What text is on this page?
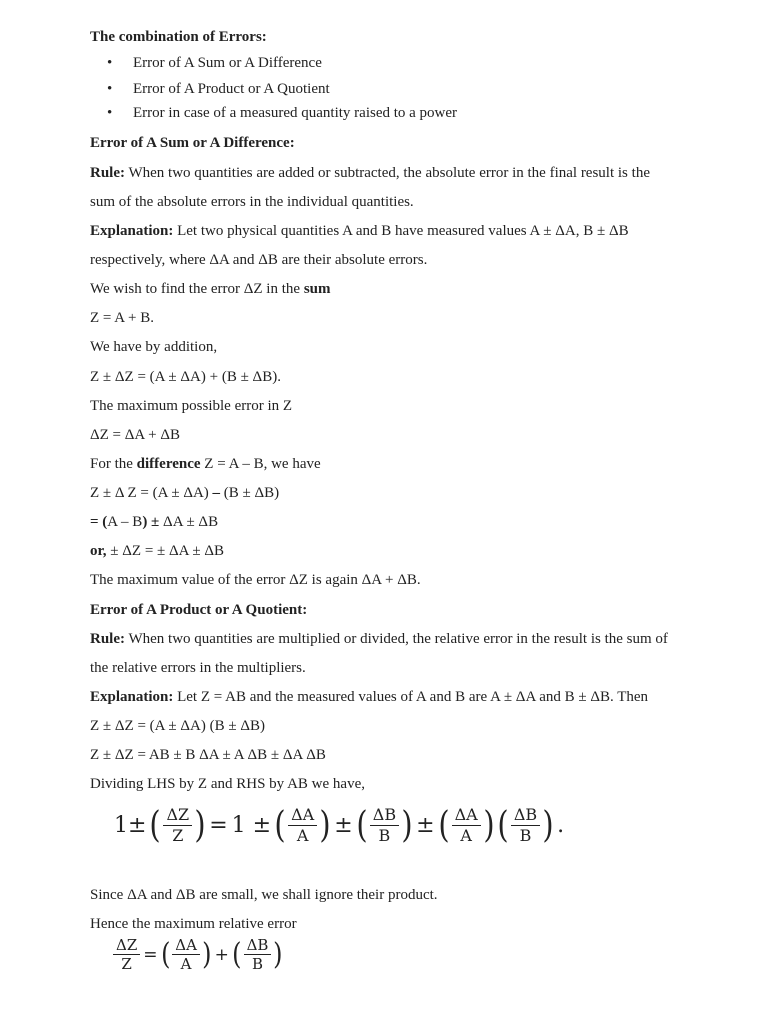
The combination of Errors:
• Error of A Sum or A Difference
• Error of A Product or A Quotient
• Error in case of a measured quantity raised to a power
Error of A Sum or A Difference:
Rule: When two quantities are added or subtracted, the absolute error in the final result is the
sum of the absolute errors in the individual quantities.
Explanation: Let two physical quantities A and B have measured values A ± ΔA, B ± ΔB
respectively, where ΔA and ΔB are their absolute errors.
We wish to find the error ΔZ in the sum
Z = A + B.
We have by addition,
Z ± ΔZ = (A ± ΔA) + (B ± ΔB).
The maximum possible error in Z
ΔZ = ΔA + ΔB
For the difference Z = A – B, we have
Z ± Δ Z = (A ± ΔA) – (B ± ΔB)
= (A – B) ± ΔA ± ΔB
or, ± ΔZ = ± ΔA ± ΔB
The maximum value of the error ΔZ is again ΔA + ΔB.
Error of A Product or A Quotient:
Rule: When two quantities are multiplied or divided, the relative error in the result is the sum of
the relative errors in the multipliers.
Explanation: Let Z = AB and the measured values of A and B are A ± ΔA and B ± ΔB. Then
Z ± ΔZ = (A ± ΔA) (B ± ΔB)
Z ± ΔZ = AB ± B ΔA ± A ΔB ± ΔA ΔB
Dividing LHS by Z and RHS by AB we have,
1± ( $\frac{\Delta Z}{Z}$ ) = 1 ± ( $\frac{\Delta A}{A}$ ) ± ( $\frac{\Delta B}{B}$ ) ± ( $\frac{\Delta A}{A}$ ) ( $\frac{\Delta B}{B}$ ) .
Since ΔA and ΔB are small, we shall ignore their product.
Hence the maximum relative error
$\frac{\Delta Z}{Z}$ = ( $\frac{\Delta A}{A}$ ) + ( $\frac{\Delta B}{B}$ )
